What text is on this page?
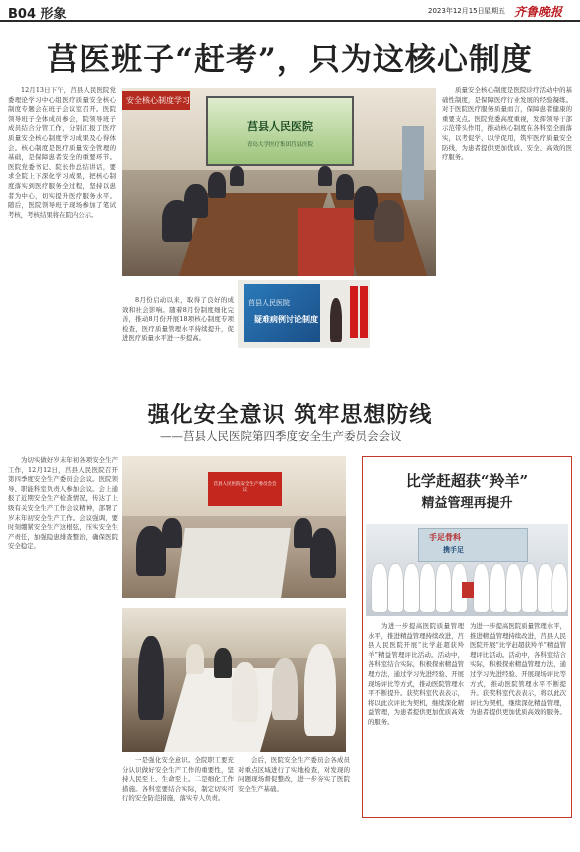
B04 形象	2023年12月15日 星期五 齐鲁晚报
莒医班子“赶考”，只为这核心制度
12月13日下午，莒县人民医院党委理论学习中心组医疗质量安全核心制度专题会在班子会议室召开。医院领导班子全体成员参会，院领导班子成员结合分管工作，分别汇报了医疗质量安全核心制度学习成果及心得体会。核心制度是医疗质量安全管理的基础，是保障患者安全的重要环节。医院党委书记、院长作总结讲话，要求全院上下深化学习成果，把核心制度落实到医疗服务全过程，坚持以患者为中心，切实提升医疗服务水平。随后，医院领导班子现场参加了笔试考核，考核结果将在院内公示。
安全核心制度学习
莒县人民医院
青岛大学医疗集团莒县医院
莒县人民医院
疑难病例讨论制度
8月份启动以来，取得了良好的成效和社会影响。随着8月份制度细化完善，推动8月份开展18项核心制度专项检查，医疗质量管理水平持续提升，促进医疗质量水平进一步提高。
质量安全核心制度是医院诊疗活动中的基础性制度，是保障医疗行业发展的经验凝练。对于医院医疗服务质量而言，保障患者健康的重要支点。医院党委高度重视，发挥领导干部示范带头作用，推动核心制度在各科室全面落实，以考促学、以学促用，筑牢医疗质量安全防线，为患者提供更加优质、安全、高效的医疗服务。
强化安全意识 筑牢思想防线
——莒县人民医院第四季度安全生产委员会会议
为切实做好岁末年初各项安全生产工作，12月12日，莒县人民医院召开第四季度安全生产委员会会议。医院领导、职能科室负责人参加会议。会上通报了近期安全生产检查情况，传达了上级有关安全生产工作会议精神，部署了岁末年初安全生产工作。会议强调，要时刻绷紧安全生产这根弦，压实安全生产责任，加强隐患排查整治，确保医院安全稳定。
莒县人民医院安全生产委员会会议
一是强化安全意识。全院职工要充分认识做好安全生产工作的重要性，坚持人民至上、生命至上。二是细化工作措施。各科室要结合实际，制定切实可行的安全防范措施，落实专人负责。
会后，医院安全生产委员会各成员对重点区域进行了实地检查，对发现的问题现场督促整改，进一步夯实了医院安全生产基础。
比学赶超获“羚羊”
精益管理再提升
手足骨科
携手足
为进一步提高医院质量管理水平，推进精益管理持续改进，莒县人民医院开展“比学赶超获羚羊”精益管理评比活动。活动中，各科室结合实际，积极探索精益管理方法，通过学习先进经验、开展现场评比等方式，推动医院管理水平不断提升。获奖科室代表表示，将以此次评比为契机，继续深化精益管理，为患者提供更加优质高效的服务。
为进一步提高医院质量管理水平，推进精益管理持续改进，莒县人民医院开展“比学赶超获羚羊”精益管理评比活动。活动中，各科室结合实际，积极探索精益管理方法，通过学习先进经验、开展现场评比等方式，推动医院管理水平不断提升。获奖科室代表表示，将以此次评比为契机，继续深化精益管理，为患者提供更加优质高效的服务。
